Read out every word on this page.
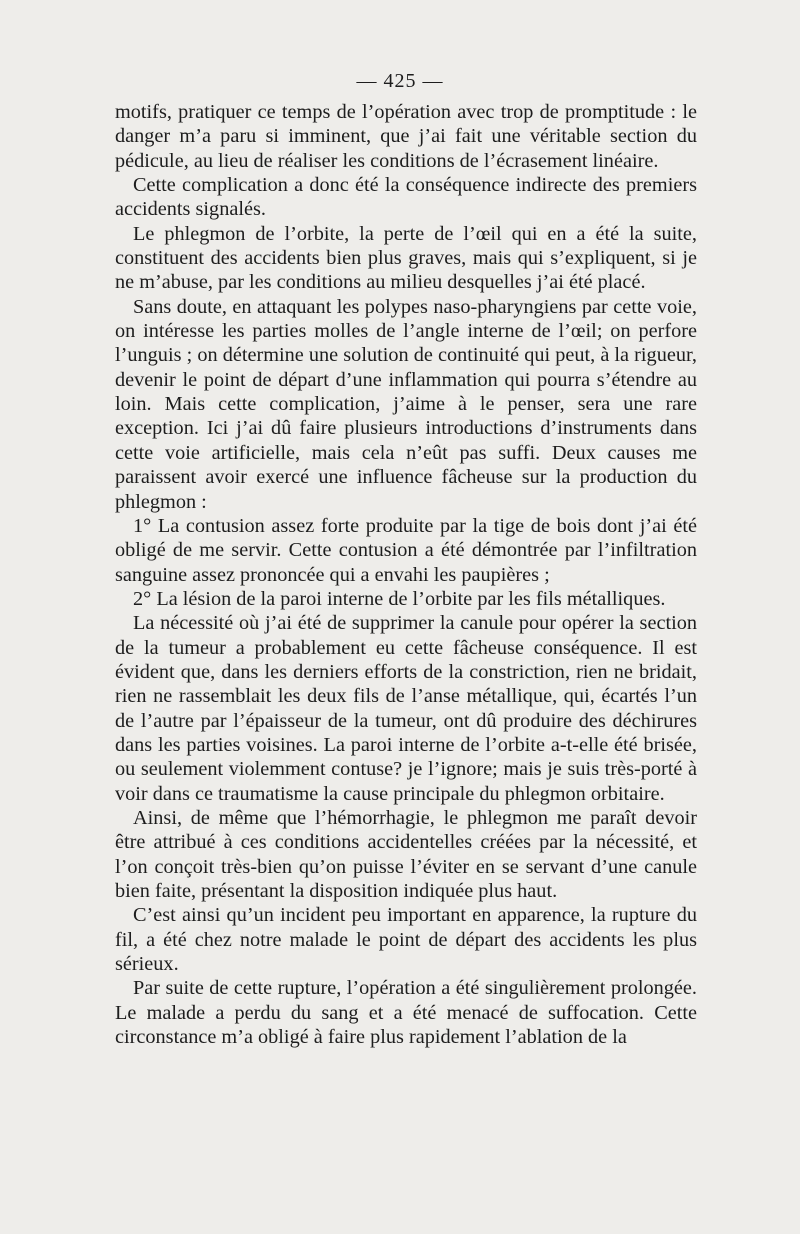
— 425 —

motifs, pratiquer ce temps de l’opération avec trop de promptitude : le danger m’a paru si imminent, que j’ai fait une véritable section du pédicule, au lieu de réaliser les conditions de l’écrasement linéaire.

Cette complication a donc été la conséquence indirecte des premiers accidents signalés.

Le phlegmon de l’orbite, la perte de l’œil qui en a été la suite, constituent des accidents bien plus graves, mais qui s’expliquent, si je ne m’abuse, par les conditions au milieu desquelles j’ai été placé.

Sans doute, en attaquant les polypes naso-pharyngiens par cette voie, on intéresse les parties molles de l’angle interne de l’œil; on perfore l’unguis ; on détermine une solution de continuité qui peut, à la rigueur, devenir le point de départ d’une inflammation qui pourra s’étendre au loin. Mais cette complication, j’aime à le penser, sera une rare exception. Ici j’ai dû faire plusieurs introductions d’instruments dans cette voie artificielle, mais cela n’eût pas suffi. Deux causes me paraissent avoir exercé une influence fâcheuse sur la production du phlegmon :

1° La contusion assez forte produite par la tige de bois dont j’ai été obligé de me servir. Cette contusion a été démontrée par l’infiltration sanguine assez prononcée qui a envahi les paupières ;

2° La lésion de la paroi interne de l’orbite par les fils métalliques.

La nécessité où j’ai été de supprimer la canule pour opérer la section de la tumeur a probablement eu cette fâcheuse conséquence. Il est évident que, dans les derniers efforts de la constriction, rien ne bridait, rien ne rassemblait les deux fils de l’anse métallique, qui, écartés l’un de l’autre par l’épaisseur de la tumeur, ont dû produire des déchirures dans les parties voisines. La paroi interne de l’orbite a-t-elle été brisée, ou seulement violemment contuse? je l’ignore; mais je suis très-porté à voir dans ce traumatisme la cause principale du phlegmon orbitaire.

Ainsi, de même que l’hémorrhagie, le phlegmon me paraît devoir être attribué à ces conditions accidentelles créées par la nécessité, et l’on conçoit très-bien qu’on puisse l’éviter en se servant d’une canule bien faite, présentant la disposition indiquée plus haut.

C’est ainsi qu’un incident peu important en apparence, la rupture du fil, a été chez notre malade le point de départ des accidents les plus sérieux.

Par suite de cette rupture, l’opération a été singulièrement prolongée. Le malade a perdu du sang et a été menacé de suffocation. Cette circonstance m’a obligé à faire plus rapidement l’ablation de la
